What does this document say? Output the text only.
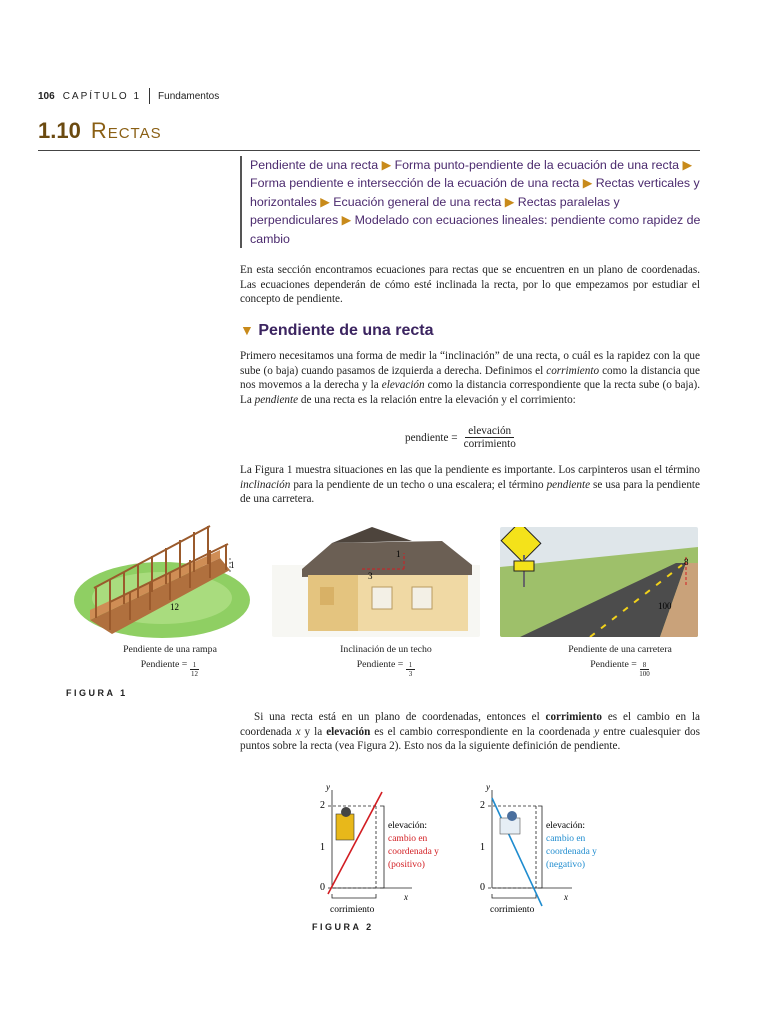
106 CAPÍTULO 1 Fundamentos
1.10 Rectas
Pendiente de una recta ▶ Forma punto-pendiente de la ecuación de una recta ▶ Forma pendiente e intersección de la ecuación de una recta ▶ Rectas verticales y horizontales ▶ Ecuación general de una recta ▶ Rectas paralelas y perpendiculares ▶ Modelado con ecuaciones lineales: pendiente como rapidez de cambio
En esta sección encontramos ecuaciones para rectas que se encuentren en un plano de coordenadas. Las ecuaciones dependerán de cómo esté inclinada la recta, por lo que empezamos por estudiar el concepto de pendiente.
▼ Pendiente de una recta
Primero necesitamos una forma de medir la “inclinación” de una recta, o cuál es la rapidez con la que sube (o baja) cuando pasamos de izquierda a derecha. Definimos el corrimiento como la distancia que nos movemos a la derecha y la elevación como la distancia correspondiente que la recta sube (o baja). La pendiente de una recta es la relación entre la elevación y el corrimiento:
pendiente = $\frac{\text{elevación}}{\text{corrimiento}}$
La Figura 1 muestra situaciones en las que la pendiente es importante. Los carpinteros usan el término inclinación para la pendiente de un techo o una escalera; el término pendiente se usa para la pendiente de una carretera.
1
12
1
3
8
100
Pendiente de una rampa
Pendiente = $\frac{1}{12}$
Inclinación de un techo
Pendiente = $\frac{1}{3}$
Pendiente de una carretera
Pendiente = $\frac{8}{100}$
FIGURA 1
Si una recta está en un plano de coordenadas, entonces el corrimiento es el cambio en la coordenada x y la elevación es el cambio correspondiente en la coordenada y entre cualesquier dos puntos sobre la recta (vea Figura 2). Esto nos da la siguiente definición de pendiente.
y
x
2
1
0
corrimiento
elevación:
cambio en
coordenada y
(positivo)
y
x
2
1
0
corrimiento
elevación:
cambio en
coordenada y
(negativo)
FIGURA 2
